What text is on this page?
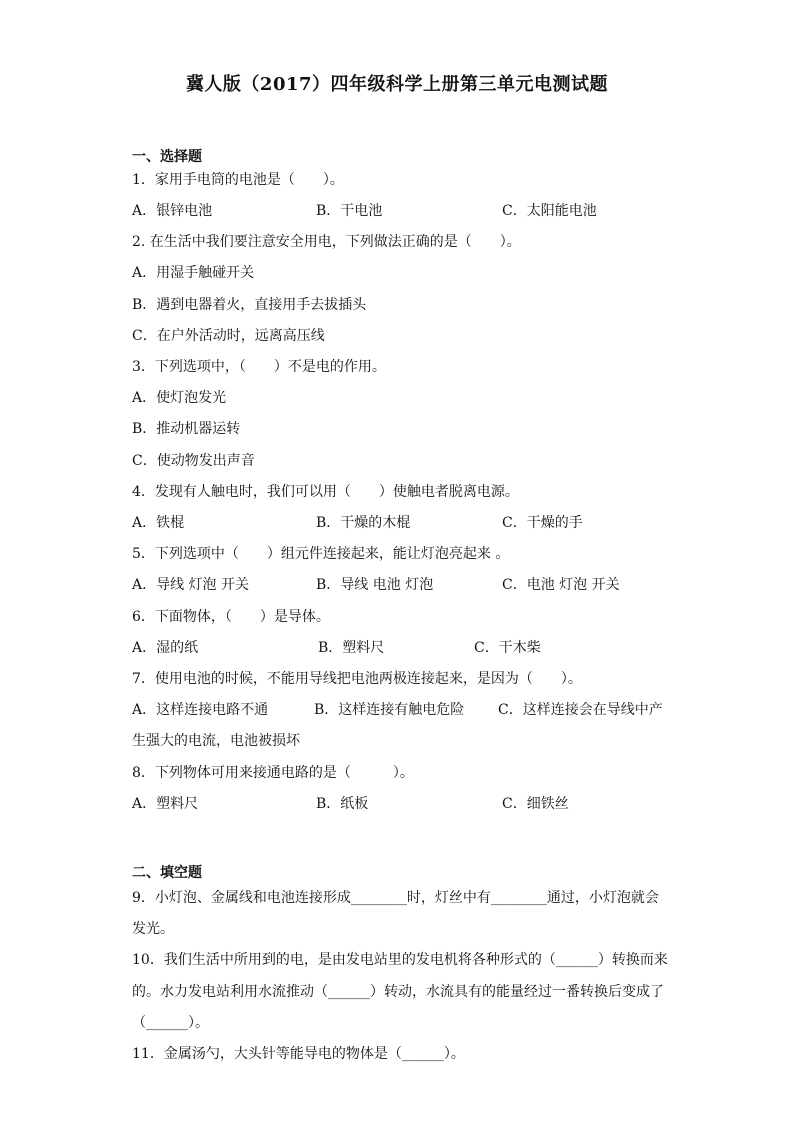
冀人版（2017）四年级科学上册第三单元电测试题
一、选择题
1．家用手电筒的电池是（　　）。
A．银锌电池	B．干电池	C．太阳能电池
2. 在生活中我们要注意安全用电，下列做法正确的是（　　）。
A．用湿手触碰开关
B．遇到电器着火，直接用手去拔插头
C．在户外活动时，远离高压线
3．下列选项中，（　　）不是电的作用。
A．使灯泡发光
B．推动机器运转
C．使动物发出声音
4．发现有人触电时，我们可以用（　　）使触电者脱离电源。
A．铁棍	B．干燥的木棍	C．干燥的手
5．下列选项中（　　）组元件连接起来，能让灯泡亮起来 。
A．导线 灯泡 开关	B．导线 电池 灯泡	C．电池 灯泡 开关
6．下面物体，（　　）是导体。
A．湿的纸	B．塑料尺	C．干木柴
7．使用电池的时候，不能用导线把电池两极连接起来，是因为（　　）。
A．这样连接电路不通	B．这样连接有触电危险 C．这样连接会在导线中产
生强大的电流，电池被损坏
8．下列物体可用来接通电路的是（　　　）。
A．塑料尺	B．纸板	C．细铁丝
二、填空题
9．小灯泡、金属线和电池连接形成________时，灯丝中有________通过，小灯泡就会
发光。
10．我们生活中所用到的电，是由发电站里的发电机将各种形式的（______）转换而来
的。水力发电站利用水流推动（______）转动，水流具有的能量经过一番转换后变成了
（______）。
11．金属汤勺，大头针等能导电的物体是（______）。
